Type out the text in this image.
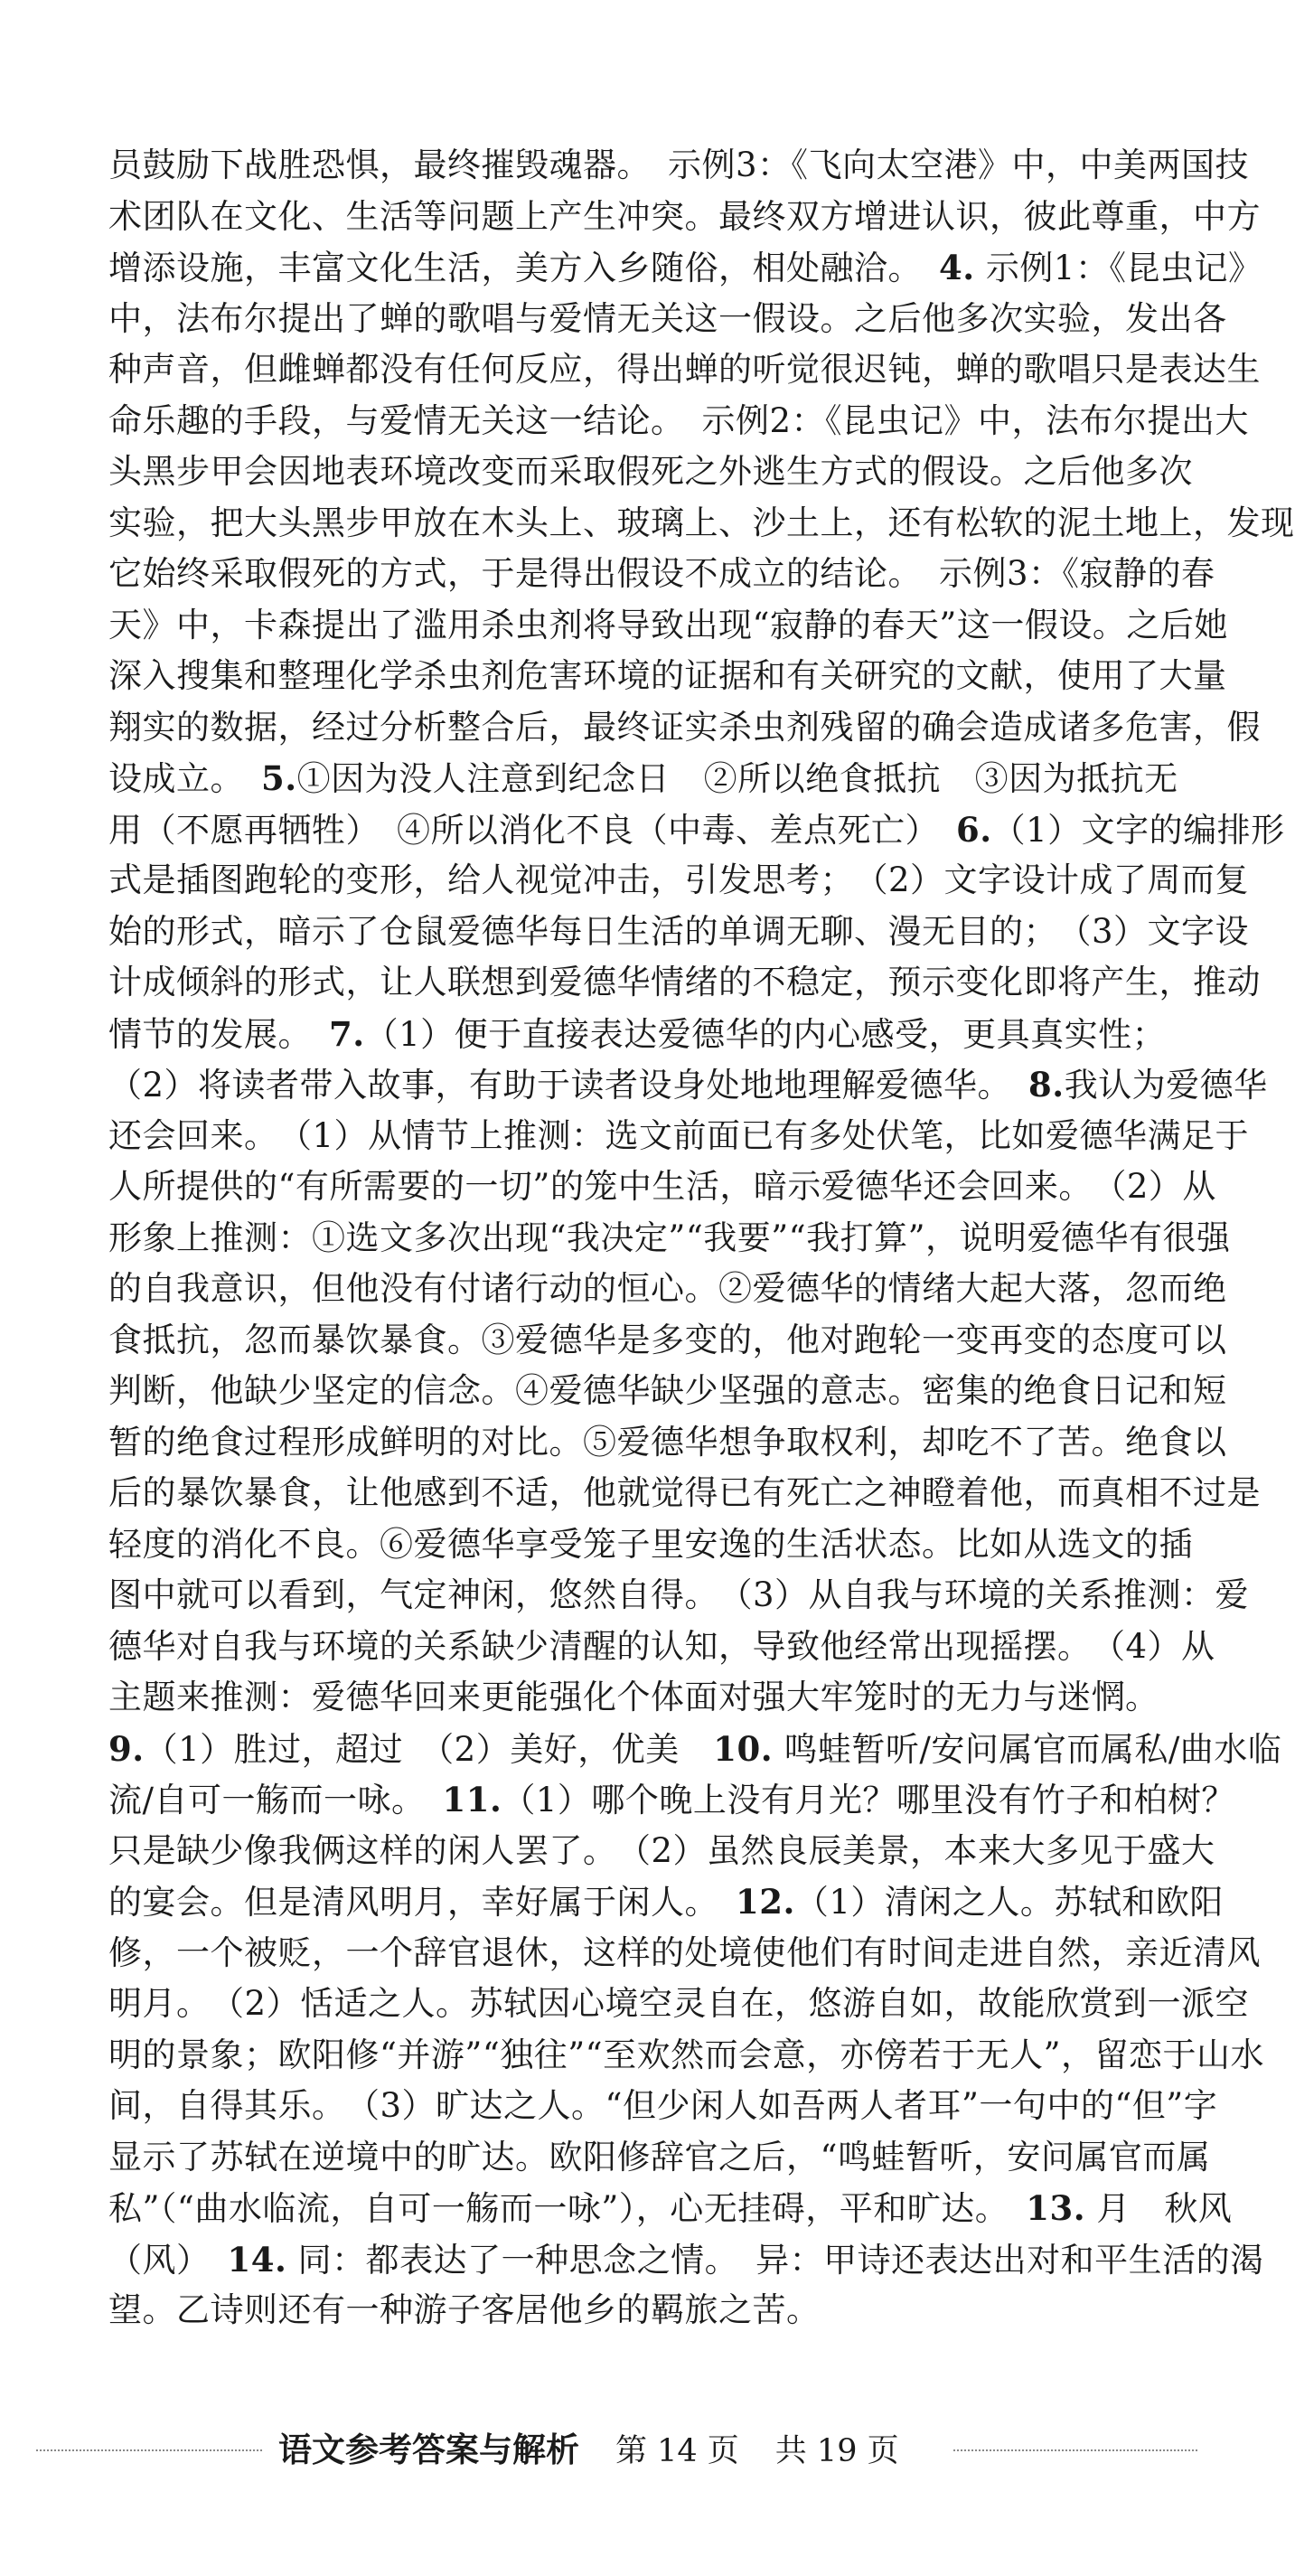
员鼓励下战胜恐惧，最终摧毁魂器。　示例3：《飞向太空港》中，中美两国技
术团队在文化、生活等问题上产生冲突。最终双方增进认识，彼此尊重，中方
增添设施，丰富文化生活，美方入乡随俗，相处融洽。　4. 示例1：《昆虫记》
中，法布尔提出了蝉的歌唱与爱情无关这一假设。之后他多次实验，发出各
种声音，但雌蝉都没有任何反应，得出蝉的听觉很迟钝，蝉的歌唱只是表达生
命乐趣的手段，与爱情无关这一结论。　示例2：《昆虫记》中，法布尔提出大
头黑步甲会因地表环境改变而采取假死之外逃生方式的假设。之后他多次
实验，把大头黑步甲放在木头上、玻璃上、沙土上，还有松软的泥土地上，发现
它始终采取假死的方式，于是得出假设不成立的结论。　示例3：《寂静的春
天》中，卡森提出了滥用杀虫剂将导致出现“寂静的春天”这一假设。之后她
深入搜集和整理化学杀虫剂危害环境的证据和有关研究的文献，使用了大量
翔实的数据，经过分析整合后，最终证实杀虫剂残留的确会造成诸多危害，假
设成立。　5.①因为没人注意到纪念日　②所以绝食抵抗　③因为抵抗无
用（不愿再牺牲）　④所以消化不良（中毒、差点死亡）　6.（1）文字的编排形
式是插图跑轮的变形，给人视觉冲击，引发思考；　（2）文字设计成了周而复
始的形式，暗示了仓鼠爱德华每日生活的单调无聊、漫无目的；　（3）文字设
计成倾斜的形式，让人联想到爱德华情绪的不稳定，预示变化即将产生，推动
情节的发展。　7.（1）便于直接表达爱德华的内心感受，更具真实性；
（2）将读者带入故事，有助于读者设身处地地理解爱德华。　8.我认为爱德华
还会回来。　（1）从情节上推测：选文前面已有多处伏笔，比如爱德华满足于
人所提供的“有所需要的一切”的笼中生活，暗示爱德华还会回来。　（2）从
形象上推测：①选文多次出现“我决定”“我要”“我打算”，说明爱德华有很强
的自我意识，但他没有付诸行动的恒心。②爱德华的情绪大起大落，忽而绝
食抵抗，忽而暴饮暴食。③爱德华是多变的，他对跑轮一变再变的态度可以
判断，他缺少坚定的信念。④爱德华缺少坚强的意志。密集的绝食日记和短
暂的绝食过程形成鲜明的对比。⑤爱德华想争取权利，却吃不了苦。绝食以
后的暴饮暴食，让他感到不适，他就觉得已有死亡之神瞪着他，而真相不过是
轻度的消化不良。⑥爱德华享受笼子里安逸的生活状态。比如从选文的插
图中就可以看到，气定神闲，悠然自得。　（3）从自我与环境的关系推测：爱
德华对自我与环境的关系缺少清醒的认知，导致他经常出现摇摆。　（4）从
主题来推测：爱德华回来更能强化个体面对强大牢笼时的无力与迷惘。
9.（1）胜过，超过　（2）美好，优美　10. 鸣蛙暂听/安问属官而属私/曲水临
流/自可一觞而一咏。　11.（1）哪个晚上没有月光？哪里没有竹子和柏树？
只是缺少像我俩这样的闲人罢了。　（2）虽然良辰美景，本来大多见于盛大
的宴会。但是清风明月，幸好属于闲人。　12.（1）清闲之人。苏轼和欧阳
修，一个被贬，一个辞官退休，这样的处境使他们有时间走进自然，亲近清风
明月。　（2）恬适之人。苏轼因心境空灵自在，悠游自如，故能欣赏到一派空
明的景象；欧阳修“并游”“独往”“至欢然而会意，亦傍若于无人”，留恋于山水
间，自得其乐。　（3）旷达之人。“但少闲人如吾两人者耳”一句中的“但”字
显示了苏轼在逆境中的旷达。欧阳修辞官之后，“鸣蛙暂听，安问属官而属
私”（“曲水临流，自可一觞而一咏”），心无挂碍，平和旷达。　13. 月　秋风
（风）　14. 同：都表达了一种思念之情。　异：甲诗还表达出对和平生活的渴
望。乙诗则还有一种游子客居他乡的羁旅之苦。
语文参考答案与解析 第 14 页 共 19 页
